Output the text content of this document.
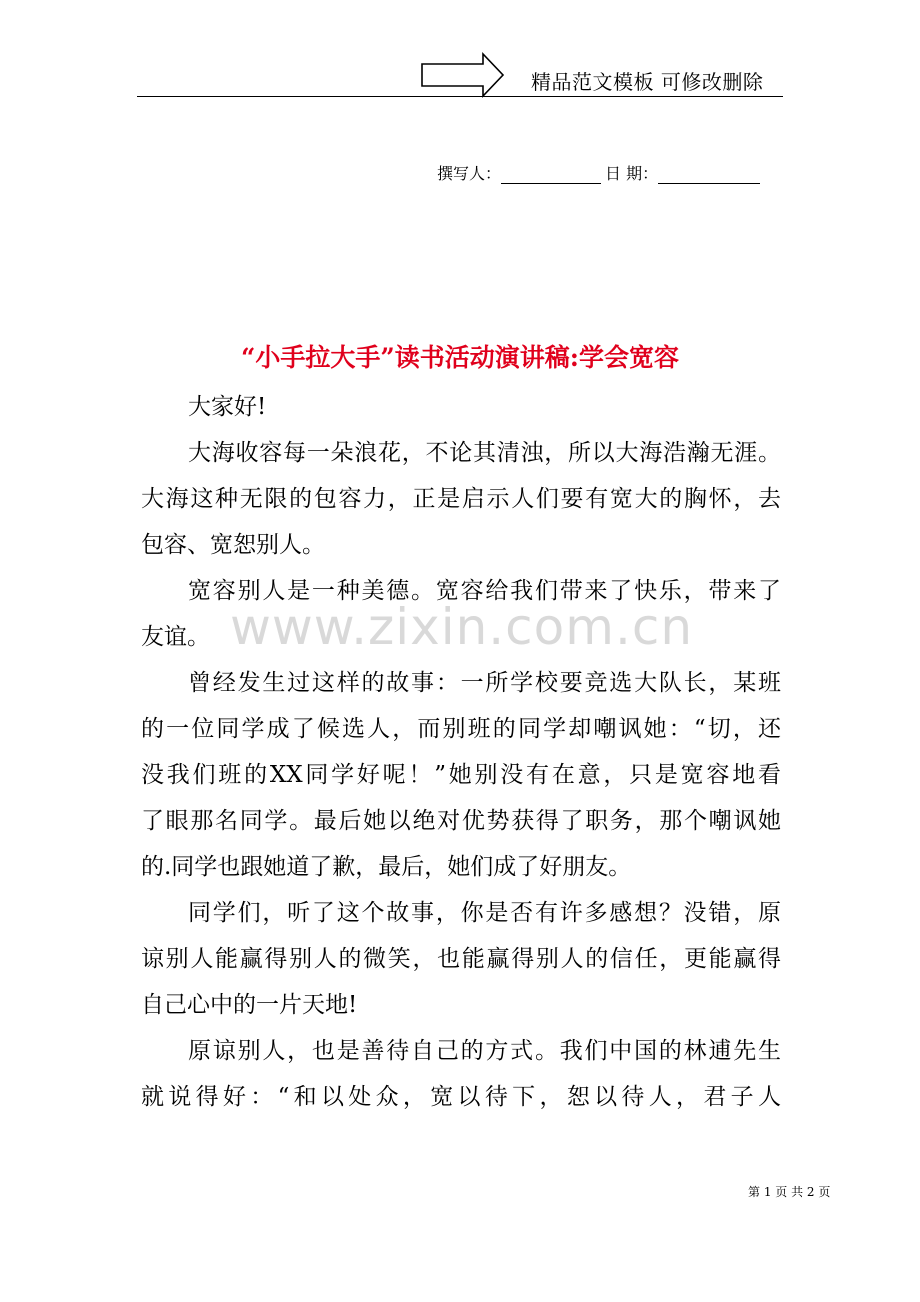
精品范文模板 可修改删除
撰写人：	日 期：
“小手拉大手”读书活动演讲稿:学会宽容
www.zixin.com.cn
大家好!
大海收容每一朵浪花，不论其清浊，所以大海浩瀚无涯。
大海这种无限的包容力，正是启示人们要有宽大的胸怀，去
包容、宽恕别人。
宽容别人是一种美德。宽容给我们带来了快乐，带来了
友谊。
曾经发生过这样的故事：一所学校要竞选大队长，某班
的一位同学成了候选人，而别班的同学却嘲讽她：“切，还
没我们班的XX同学好呢！”她别没有在意，只是宽容地看
了眼那名同学。最后她以绝对优势获得了职务，那个嘲讽她
的.同学也跟她道了歉，最后，她们成了好朋友。
同学们，听了这个故事，你是否有许多感想？没错，原
谅别人能赢得别人的微笑，也能赢得别人的信任，更能赢得
自己心中的一片天地!
原谅别人，也是善待自己的方式。我们中国的林逋先生
就说得好：“和以处众，宽以待下，恕以待人，君子人
第 1 页 共 2 页
